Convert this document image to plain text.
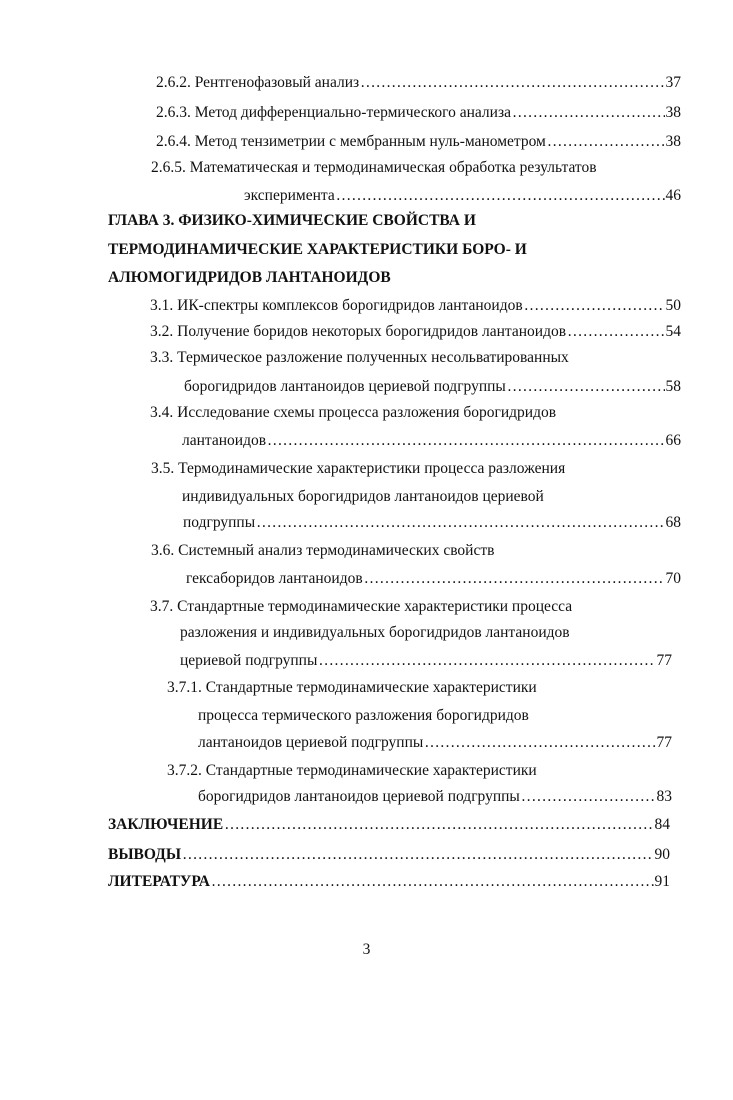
2.6.2. Рентгенофазовый анализ ……………………………………………………………………………………………………………………………………………………………………………………………………	37
2.6.3. Метод дифференциально-термического анализа ……………………………………………………………………………………………………………………………………………………………………………………………………	38
2.6.4. Метод тензиметрии с мембранным нуль-манометром ……………………………………………………………………………………………………………………………………………………………………………………………………	38
2.6.5. Математическая и термодинамическая обработка результатов
эксперимента ……………………………………………………………………………………………………………………………………………………………………………………………………	46
ГЛАВА 3. ФИЗИКО-ХИМИЧЕСКИЕ СВОЙСТВА И
ТЕРМОДИНАМИЧЕСКИЕ ХАРАКТЕРИСТИКИ БОРО- И
АЛЮМОГИДРИДОВ ЛАНТАНОИДОВ
3.1. ИК-спектры комплексов борогидридов лантаноидов ……………………………………………………………………………………………………………………………………………………………………………………………………	50
3.2. Получение боридов некоторых борогидридов лантаноидов ……………………………………………………………………………………………………………………………………………………………………………………………………	54
3.3. Термическое разложение полученных несольватированных
борогидридов лантаноидов цериевой подгруппы ……………………………………………………………………………………………………………………………………………………………………………………………………	58
3.4. Исследование схемы процесса разложения борогидридов
лантаноидов ……………………………………………………………………………………………………………………………………………………………………………………………………	66
3.5. Термодинамические характеристики процесса разложения
индивидуальных борогидридов лантаноидов цериевой
подгруппы ……………………………………………………………………………………………………………………………………………………………………………………………………	68
3.6. Системный анализ термодинамических свойств
гексаборидов лантаноидов ……………………………………………………………………………………………………………………………………………………………………………………………………	70
3.7. Стандартные термодинамические характеристики процесса
разложения и индивидуальных борогидридов лантаноидов
цериевой подгруппы ……………………………………………………………………………………………………………………………………………………………………………………………………	77
3.7.1. Стандартные термодинамические характеристики
процесса термического разложения борогидридов
лантаноидов цериевой подгруппы ……………………………………………………………………………………………………………………………………………………………………………………………………	77
3.7.2. Стандартные термодинамические характеристики
борогидридов лантаноидов цериевой подгруппы ……………………………………………………………………………………………………………………………………………………………………………………………………	83
ЗАКЛЮЧЕНИЕ ……………………………………………………………………………………………………………………………………………………………………………………………………	84
ВЫВОДЫ ……………………………………………………………………………………………………………………………………………………………………………………………………	90
ЛИТЕРАТУРА ……………………………………………………………………………………………………………………………………………………………………………………………………	91
3
